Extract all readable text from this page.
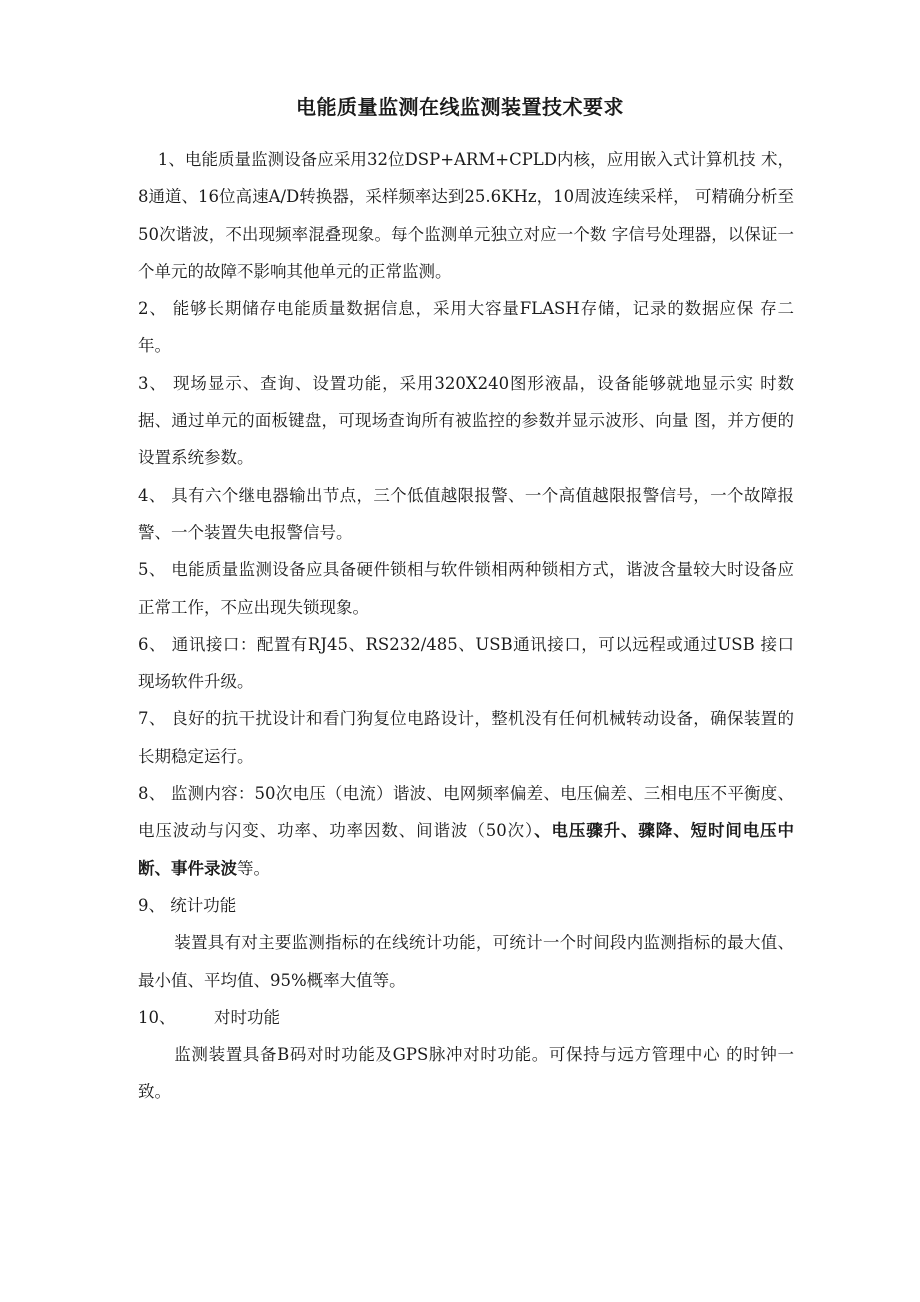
电能质量监测在线监测装置技术要求

1、电能质量监测设备应采用32位DSP+ARM+CPLD内核，应用嵌入式计算机技 术，8通道、16位高速A/D转换器，采样频率达到25.6KHz，10周波连续采样， 可精确分析至50次谐波，不出现频率混叠现象。每个监测单元独立对应一个数 字信号处理器，以保证一个单元的故障不影响其他单元的正常监测。

2、 能够长期储存电能质量数据信息，采用大容量FLASH存储，记录的数据应保 存二年。

3、 现场显示、查询、设置功能，采用320X240图形液晶，设备能够就地显示实 时数据、通过单元的面板键盘，可现场查询所有被监控的参数并显示波形、向量 图，并方便的设置系统参数。

4、 具有六个继电器输出节点，三个低值越限报警、一个高值越限报警信号，一个故障报警、一个装置失电报警信号。

5、 电能质量监测设备应具备硬件锁相与软件锁相两种锁相方式，谐波含量较大时设备应正常工作，不应出现失锁现象。

6、 通讯接口：配置有RJ45、RS232/485、USB通讯接口，可以远程或通过USB 接口现场软件升级。

7、 良好的抗干扰设计和看门狗复位电路设计，整机没有任何机械转动设备，确保装置的长期稳定运行。

8、 监测内容：50次电压（电流）谐波、电网频率偏差、电压偏差、三相电压不平衡度、电压波动与闪变、功率、功率因数、间谐波（50次）、电压骤升、骤降、短时间电压中断、事件录波等。

9、 统计功能

装置具有对主要监测指标的在线统计功能，可统计一个时间段内监测指标的最大值、最小值、平均值、95%概率大值等。

10、 对时功能

监测装置具备B码对时功能及GPS脉冲对时功能。可保持与远方管理中心 的时钟一致。
